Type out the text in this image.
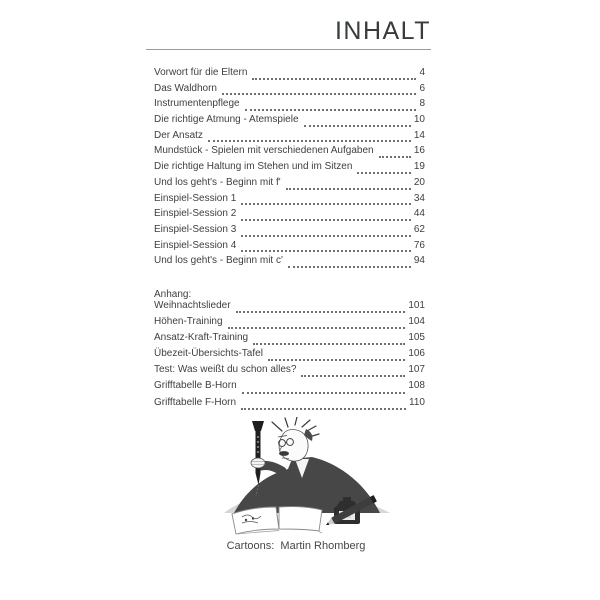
INHALT
Vorwort für die Eltern	4
Das Waldhorn	6
Instrumentenpflege	8
Die richtige Atmung - Atemspiele	10
Der Ansatz	14
Mundstück - Spielen mit verschiedenen Aufgaben	16
Die richtige Haltung im Stehen und im Sitzen	19
Und los geht's - Beginn mit f'	20
Einspiel-Session 1	34
Einspiel-Session 2	44
Einspiel-Session 3	62
Einspiel-Session 4	76
Und los geht's - Beginn mit c'	94
Anhang:
Weihnachtslieder	101
Höhen-Training	104
Ansatz-Kraft-Training	105
Übezeit-Übersichts-Tafel	106
Test: Was weißt du schon alles?	107
Grifftabelle B-Horn	108
Grifftabelle F-Horn	110
Cartoons:  Martin Rhomberg
